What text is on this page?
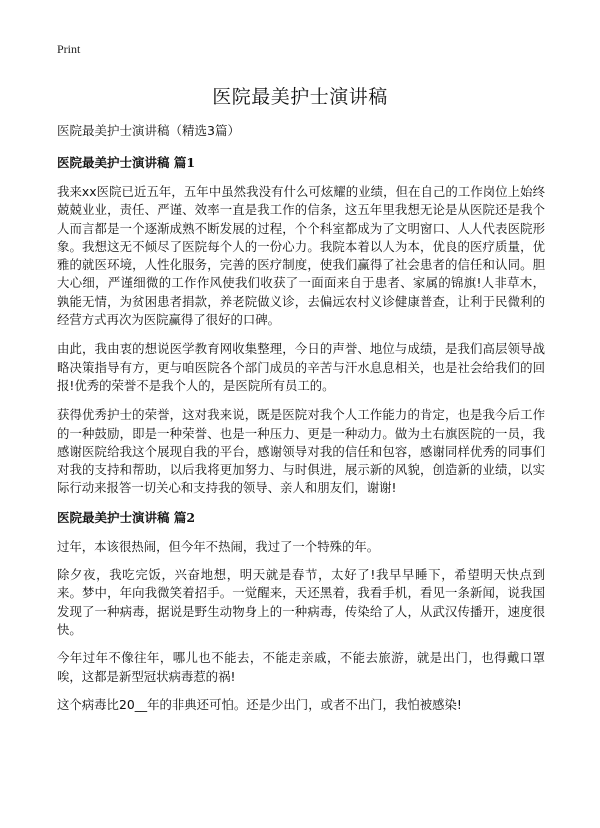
Print
医院最美护士演讲稿

医院最美护士演讲稿（精选3篇）

医院最美护士演讲稿 篇1

我来xx医院已近五年，五年中虽然我没有什么可炫耀的业绩，但在自己的工作岗位上始终兢兢业业，责任、严谨、效率一直是我工作的信条，这五年里我想无论是从医院还是我个人而言都是一个逐渐成熟不断发展的过程，个个科室都成为了文明窗口、人人代表医院形象。我想这无不倾尽了医院每个人的一份心力。我院本着以人为本，优良的医疗质量，优雅的就医环境，人性化服务，完善的医疗制度，使我们赢得了社会患者的信任和认同。胆大心细，严谨细微的工作作风使我们收获了一面面来自于患者、家属的锦旗!人非草木，孰能无情，为贫困患者捐款，养老院做义诊，去偏远农村义诊健康普查，让利于民微利的经营方式再次为医院赢得了很好的口碑。

由此，我由衷的想说医学教育网收集整理，今日的声誉、地位与成绩，是我们高层领导战略决策指导有方，更与咱医院各个部门成员的辛苦与汗水息息相关，也是社会给我们的回报!优秀的荣誉不是我个人的，是医院所有员工的。

获得优秀护士的荣誉，这对我来说，既是医院对我个人工作能力的肯定，也是我今后工作的一种鼓励，即是一种荣誉、也是一种压力、更是一种动力。做为土右旗医院的一员，我感谢医院给我这个展现自我的平台，感谢领导对我的信任和包容，感谢同样优秀的同事们对我的支持和帮助，以后我将更加努力、与时俱进，展示新的风貌，创造新的业绩，以实际行动来报答一切关心和支持我的领导、亲人和朋友们，谢谢!

医院最美护士演讲稿 篇2

过年，本该很热闹，但今年不热闹，我过了一个特殊的年。

除夕夜，我吃完饭，兴奋地想，明天就是春节，太好了!我早早睡下，希望明天快点到来。梦中，年向我微笑着招手。一觉醒来，天还黑着，我看手机，看见一条新闻，说我国发现了一种病毒，据说是野生动物身上的一种病毒，传染给了人，从武汉传播开，速度很快。

今年过年不像往年，哪儿也不能去，不能走亲戚，不能去旅游，就是出门，也得戴口罩唉，这都是新型冠状病毒惹的祸!

这个病毒比20__年的非典还可怕。还是少出门，或者不出门，我怕被感染!
